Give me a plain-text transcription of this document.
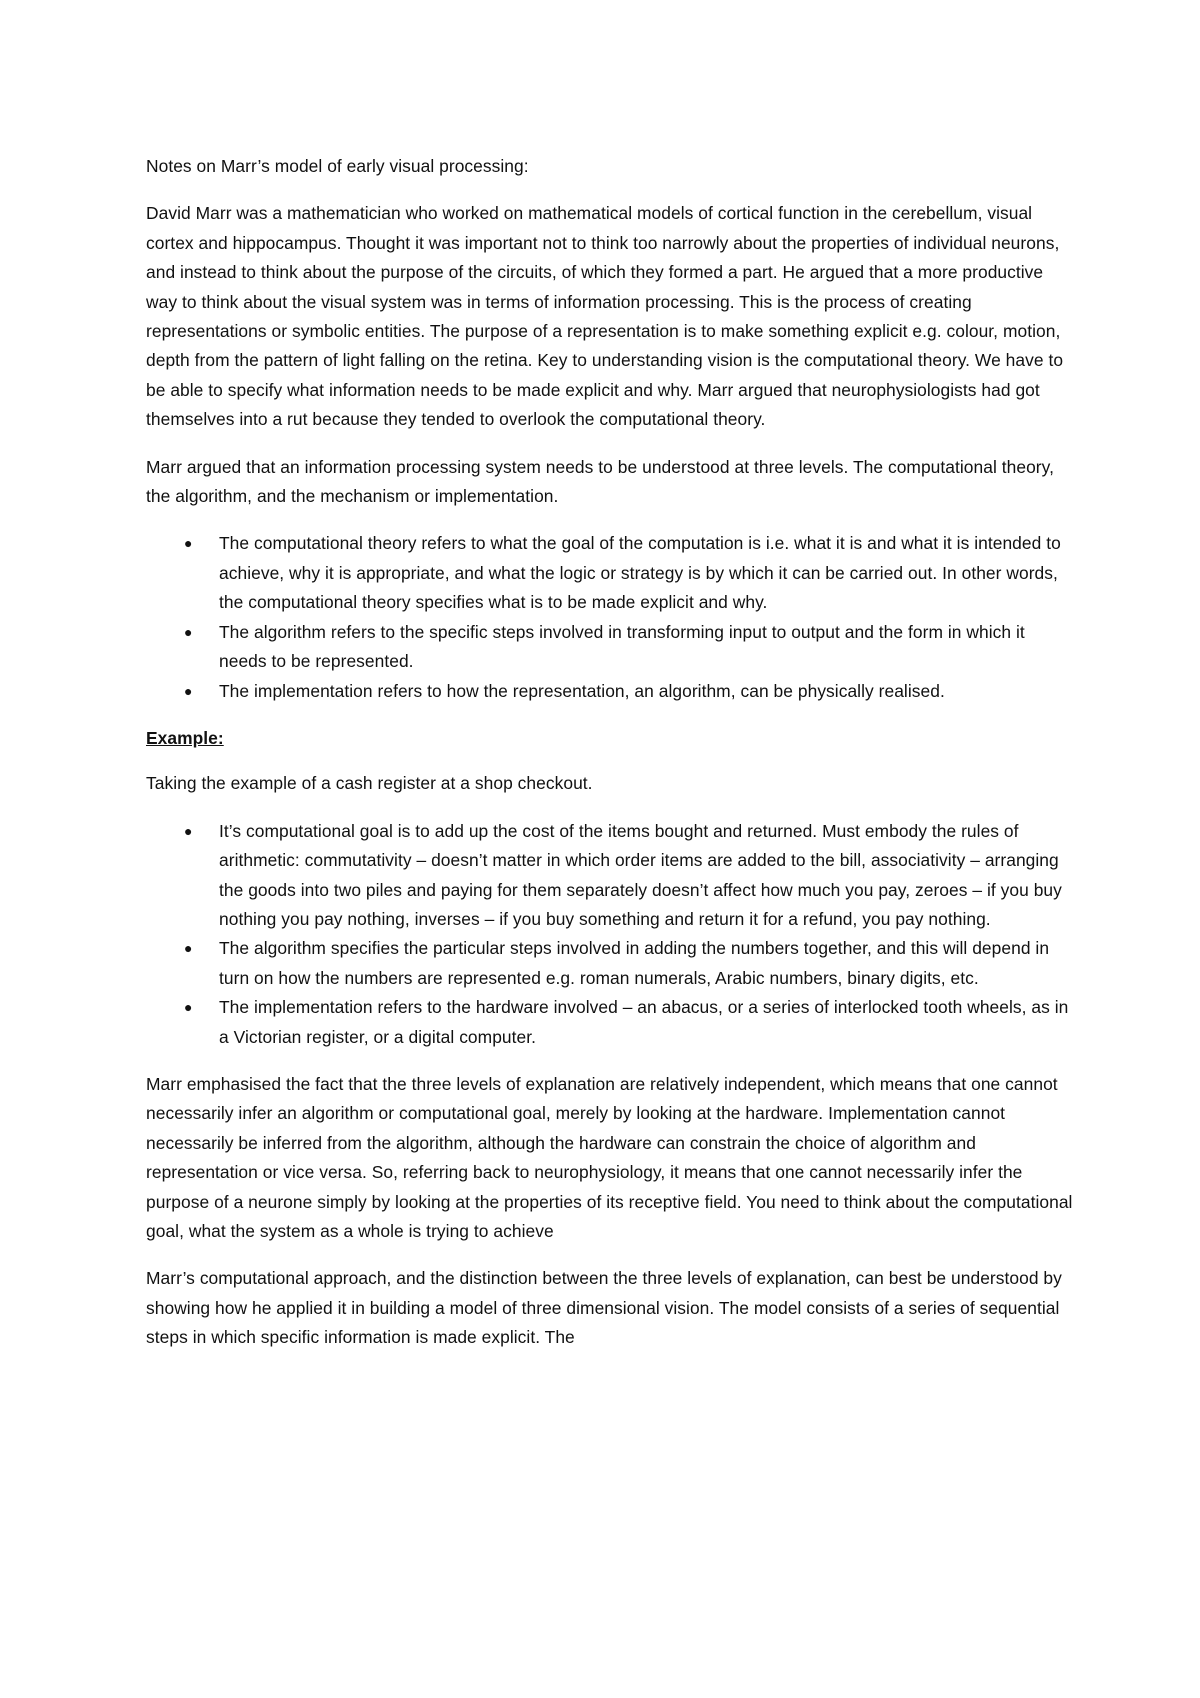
Notes on Marr’s model of early visual processing:

David Marr was a mathematician who worked on mathematical models of cortical function in the cerebellum, visual cortex and hippocampus. Thought it was important not to think too narrowly about the properties of individual neurons, and instead to think about the purpose of the circuits, of which they formed a part. He argued that a more productive way to think about the visual system was in terms of information processing. This is the process of creating representations or symbolic entities. The purpose of a representation is to make something explicit e.g. colour, motion, depth from the pattern of light falling on the retina. Key to understanding vision is the computational theory. We have to be able to specify what information needs to be made explicit and why. Marr argued that neurophysiologists had got themselves into a rut because they tended to overlook the computational theory.

Marr argued that an information processing system needs to be understood at three levels. The computational theory, the algorithm, and the mechanism or implementation.

● The computational theory refers to what the goal of the computation is i.e. what it is and what it is intended to achieve, why it is appropriate, and what the logic or strategy is by which it can be carried out. In other words, the computational theory specifies what is to be made explicit and why.
● The algorithm refers to the specific steps involved in transforming input to output and the form in which it needs to be represented.
● The implementation refers to how the representation, an algorithm, can be physically realised.

Example:

Taking the example of a cash register at a shop checkout.

● It’s computational goal is to add up the cost of the items bought and returned. Must embody the rules of arithmetic: commutativity – doesn’t matter in which order items are added to the bill, associativity – arranging the goods into two piles and paying for them separately doesn’t affect how much you pay, zeroes – if you buy nothing you pay nothing, inverses – if you buy something and return it for a refund, you pay nothing.
● The algorithm specifies the particular steps involved in adding the numbers together, and this will depend in turn on how the numbers are represented e.g. roman numerals, Arabic numbers, binary digits, etc.
● The implementation refers to the hardware involved – an abacus, or a series of interlocked tooth wheels, as in a Victorian register, or a digital computer.

Marr emphasised the fact that the three levels of explanation are relatively independent, which means that one cannot necessarily infer an algorithm or computational goal, merely by looking at the hardware. Implementation cannot necessarily be inferred from the algorithm, although the hardware can constrain the choice of algorithm and representation or vice versa. So, referring back to neurophysiology, it means that one cannot necessarily infer the purpose of a neurone simply by looking at the properties of its receptive field. You need to think about the computational goal, what the system as a whole is trying to achieve

Marr’s computational approach, and the distinction between the three levels of explanation, can best be understood by showing how he applied it in building a model of three dimensional vision. The model consists of a series of sequential steps in which specific information is made explicit. The
